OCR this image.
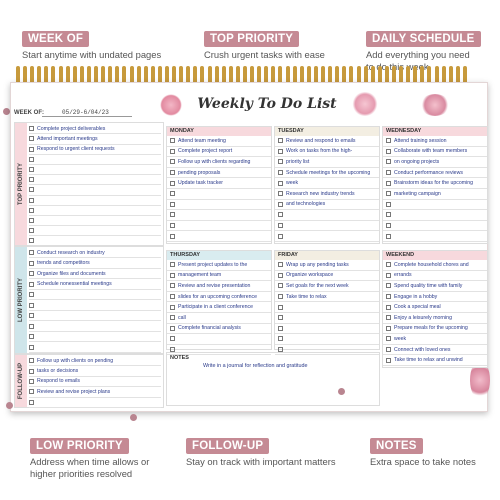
WEEK OF
Start anytime with undated pages
TOP PRIORITY
Crush urgent tasks with ease
DAILY SCHEDULE
Add everything you need
to do this week
WEEK OF:	05/29-6/04/23
Weekly To Do List
TOP PRIORITY
Complete project deliverables
Attend important meetings
Respond to urgent client requests
LOW PRIORITY
Conduct research on industry
trends and competitors
Organize files and documents
Schedule nonessential meetings
FOLLOW-UP
Follow up with clients on pending
tasks or decisions
Respond to emails
Review and revise project plans
MONDAY
Attend team meeting
Complete project report
Follow up with clients regarding
pending proposals
Update task tracker
TUESDAY
Review and respond to emails
Work on tasks from the high-
priority list
Schedule meetings for the upcoming
week
Research new industry trends
and technologies
WEDNESDAY
Attend training session
Collaborate with team members
on ongoing projects
Conduct performance reviews
Brainstorm ideas for the upcoming
marketing campaign
THURSDAY
Present project updates to the
management team
Review and revise presentation
slides for an upcoming conference
Participate in a client conference
call
Complete financial analysis
FRIDAY
Wrap up any pending tasks
Organize workspace
Set goals for the next week
Take time to relax
WEEKEND
Complete household chores and
errands
Spend quality time with family
Engage in a hobby
Cook a special meal
Enjoy a leisurely morning
Prepare meals for the upcoming
week
Connect with loved ones
Take time to relax and unwind
NOTES
Write in a journal for reflection and gratitude
LOW PRIORITY
Address when time allows or
higher priorities resolved
FOLLOW-UP
Stay on track with important matters
NOTES
Extra space to take notes
